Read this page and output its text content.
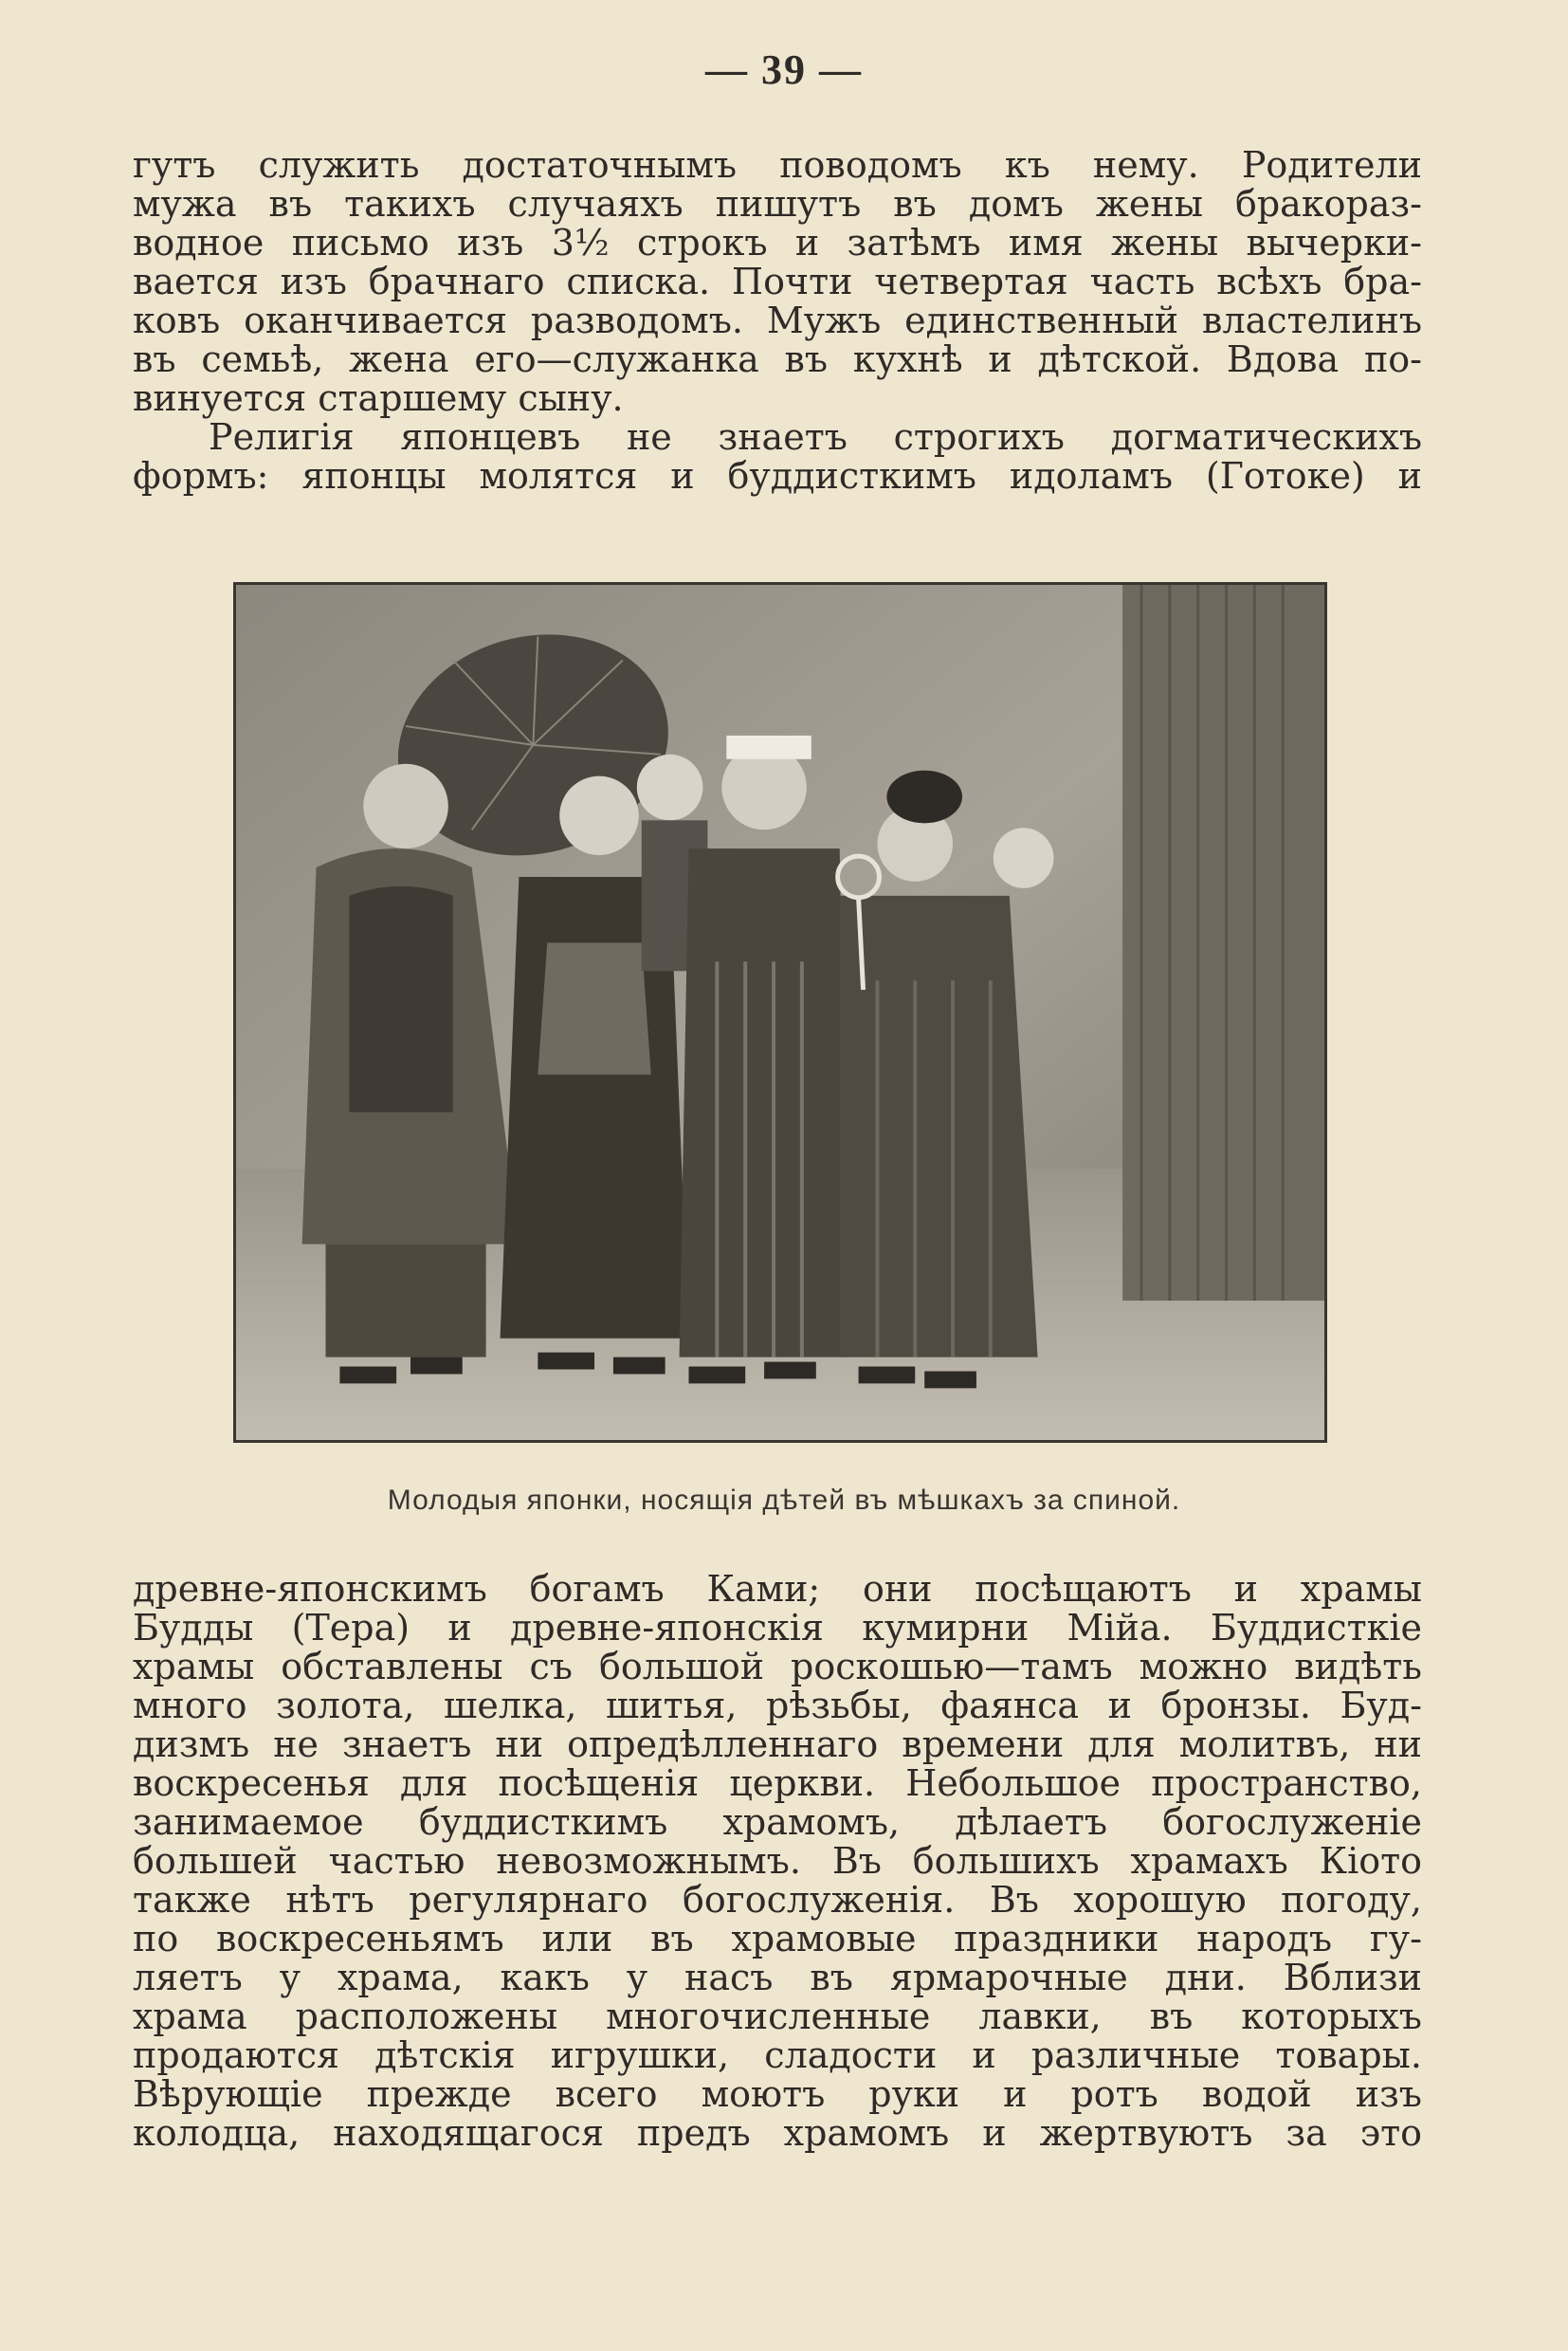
— 39 —
гутъ служить достаточнымъ поводомъ къ нему. Родители
мужа въ такихъ случаяхъ пишутъ въ домъ жены бракораз-
водное письмо изъ 3½ строкъ и затѣмъ имя жены вычерки-
вается изъ брачнаго списка. Почти четвертая часть всѣхъ бра-
ковъ оканчивается разводомъ. Мужъ единственный властелинъ
въ семьѣ, жена его—служанка въ кухнѣ и дѣтской. Вдова по-
винуется старшему сыну.
Религія японцевъ не знаетъ строгихъ догматическихъ
формъ: японцы молятся и буддисткимъ идоламъ (Готоке) и
Молодыя японки, носящія дѣтей въ мѣшкахъ за спиной.
древне-японскимъ богамъ Ками; они посѣщаютъ и храмы
Будды (Тера) и древне-японскія кумирни Мійа. Буддисткіе
храмы обставлены съ большой роскошью—тамъ можно видѣть
много золота, шелка, шитья, рѣзьбы, фаянса и бронзы. Буд-
дизмъ не знаетъ ни опредѣлленнаго времени для молитвъ, ни
воскресенья для посѣщенія церкви. Небольшое пространство,
занимаемое буддисткимъ храмомъ, дѣлаетъ богослуженіе
большей частью невозможнымъ. Въ большихъ храмахъ Кіото
также нѣтъ регулярнаго богослуженія. Въ хорошую погоду,
по воскресеньямъ или въ храмовые праздники народъ гу-
ляетъ у храма, какъ у насъ въ ярмарочные дни. Вблизи
храма расположены многочисленные лавки, въ которыхъ
продаются дѣтскія игрушки, сладости и различные товары.
Вѣрующіе прежде всего моютъ руки и ротъ водой изъ
колодца, находящагося предъ храмомъ и жертвуютъ за это
